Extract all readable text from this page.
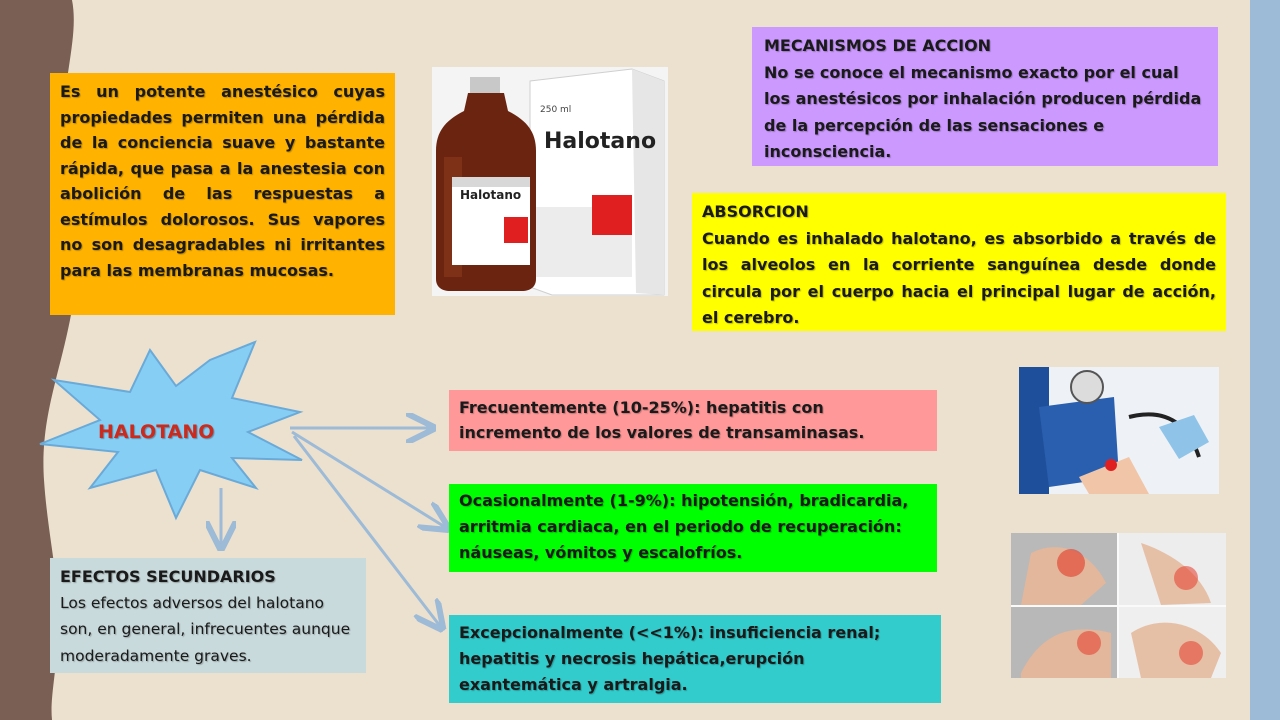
Es un potente anestésico cuyas propiedades permiten una pérdida de la conciencia suave y bastante rápida, que pasa a la anestesia con abolición de las respuestas a estímulos dolorosos. Sus vapores no son desagradables ni irritantes para las membranas mucosas.
Halotano
250 ml
Halotano
MECANISMOS DE ACCION
No se conoce el mecanismo exacto por el cual los anestésicos por inhalación producen pérdida de la percepción de las sensaciones e inconsciencia.
ABSORCION
Cuando es inhalado halotano, es absorbido a través de los alveolos en la corriente sanguínea desde donde circula por el cuerpo hacia el principal lugar de acción, el cerebro.
HALOTANO
Frecuentemente (10-25%): hepatitis con incremento de los valores de transaminasas.
Ocasionalmente (1-9%): hipotensión, bradicardia, arritmia cardiaca, en el periodo de recuperación: náuseas, vómitos y escalofríos.
Excepcionalmente (<<1%): insuficiencia renal; hepatitis y necrosis hepática,erupción exantemática y artralgia.
EFECTOS SECUNDARIOS
Los efectos adversos del halotano son, en general, infrecuentes aunque moderadamente graves.
